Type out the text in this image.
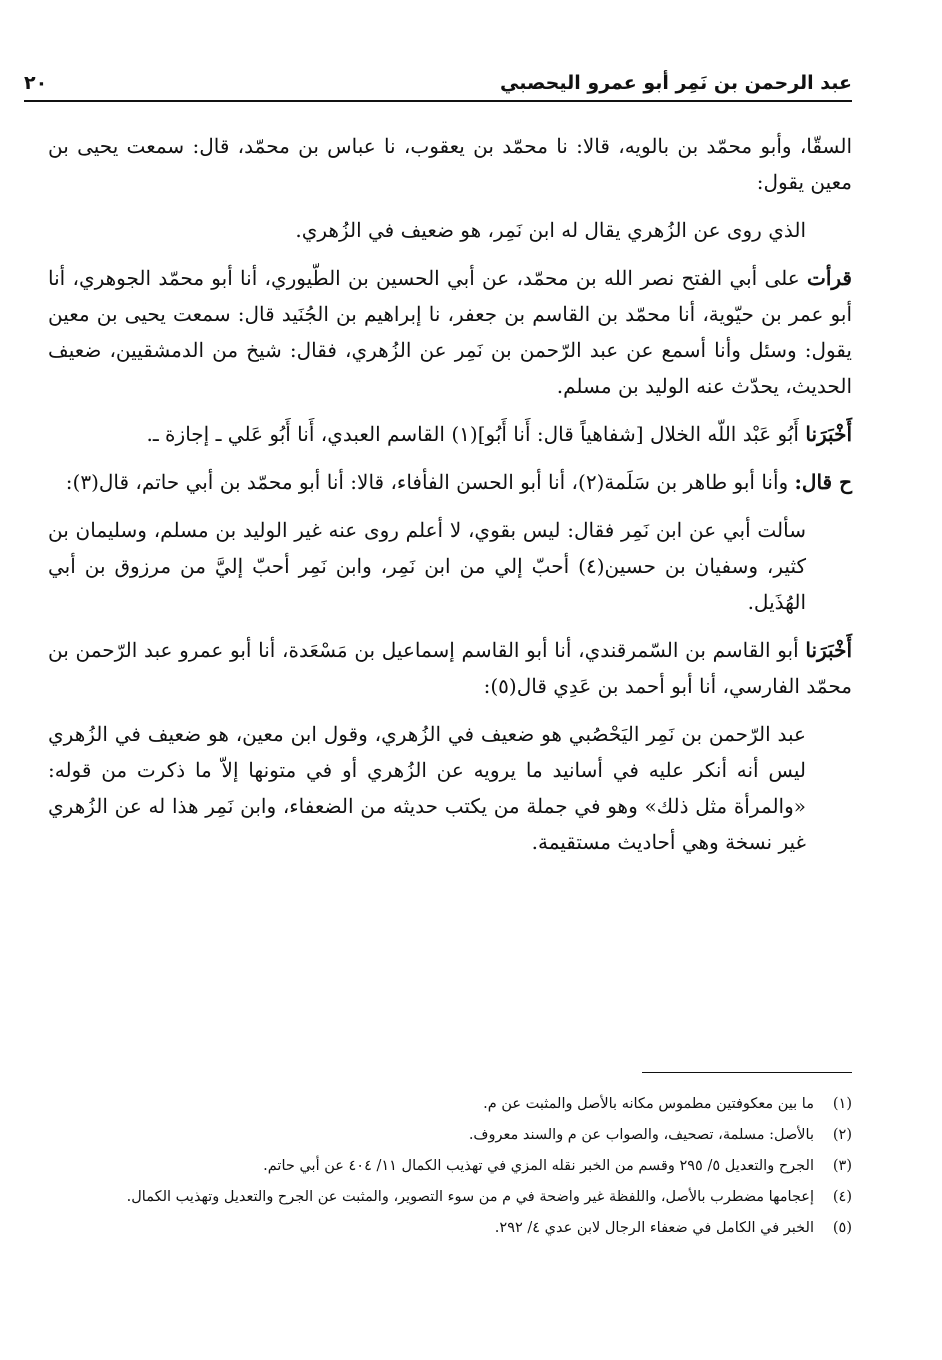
عبد الرحمن بن نَمِر أبو عمرو اليحصبي
٢٠

السقّا، وأبو محمّد بن بالويه، قالا: نا محمّد بن يعقوب، نا عباس بن محمّد، قال: سمعت يحيى بن معين يقول:

الذي روى عن الزُهري يقال له ابن نَمِر، هو ضعيف في الزُهري.

قرأت على أبي الفتح نصر الله بن محمّد، عن أبي الحسين بن الطّيوري، أنا أبو محمّد الجوهري، أنا أبو عمر بن حيّوية، أنا محمّد بن القاسم بن جعفر، نا إبراهيم بن الجُنَيد قال: سمعت يحيى بن معين يقول: وسئل وأنا أسمع عن عبد الرّحمن بن نَمِر عن الزُهري، فقال: شيخ من الدمشقيين، ضعيف الحديث، يحدّث عنه الوليد بن مسلم.

أَخْبَرَنا أَبُو عَبْد اللّه الخلال [شفاهياً قال: أَنا أَبُو](١) القاسم العبدي، أَنا أَبُو عَلي ـ إجازة ـ.

ح قال: وأنا أبو طاهر بن سَلَمة(٢)، أنا أبو الحسن الفأفاء، قالا: أنا أبو محمّد بن أبي حاتم، قال(٣):

سألت أبي عن ابن نَمِر فقال: ليس بقوي، لا أعلم روى عنه غير الوليد بن مسلم، وسليمان بن كثير، وسفيان بن حسين(٤) أحبّ إلي من ابن نَمِر، وابن نَمِر أحبّ إليَّ من مرزوق بن أبي الهُذَيل.

أَخْبَرَنا أبو القاسم بن السّمرقندي، أنا أبو القاسم إسماعيل بن مَسْعَدة، أنا أبو عمرو عبد الرّحمن بن محمّد الفارسي، أنا أبو أحمد بن عَدِي قال(٥):

عبد الرّحمن بن نَمِر اليَحْصُبي هو ضعيف في الزُهري، وقول ابن معين، هو ضعيف في الزُهري ليس أنه أنكر عليه في أسانيد ما يرويه عن الزُهري أو في متونها إلاّ ما ذكرت من قوله: «والمرأة مثل ذلك» وهو في جملة من يكتب حديثه من الضعفاء، وابن نَمِر هذا له عن الزُهري غير نسخة وهي أحاديث مستقيمة.

(١)
ما بين معكوفتين مطموس مكانه بالأصل والمثبت عن م.
(٢)
بالأصل: مسلمة، تصحيف، والصواب عن م والسند معروف.
(٣)
الجرح والتعديل ٥/ ٢٩٥ وقسم من الخبر نقله المزي في تهذيب الكمال ١١/ ٤٠٤ عن أبي حاتم.
(٤)
إعجامها مضطرب بالأصل، واللفظة غير واضحة في م من سوء التصوير، والمثبت عن الجرح والتعديل وتهذيب الكمال.
(٥)
الخبر في الكامل في ضعفاء الرجال لابن عدي ٤/ ٢٩٢.
